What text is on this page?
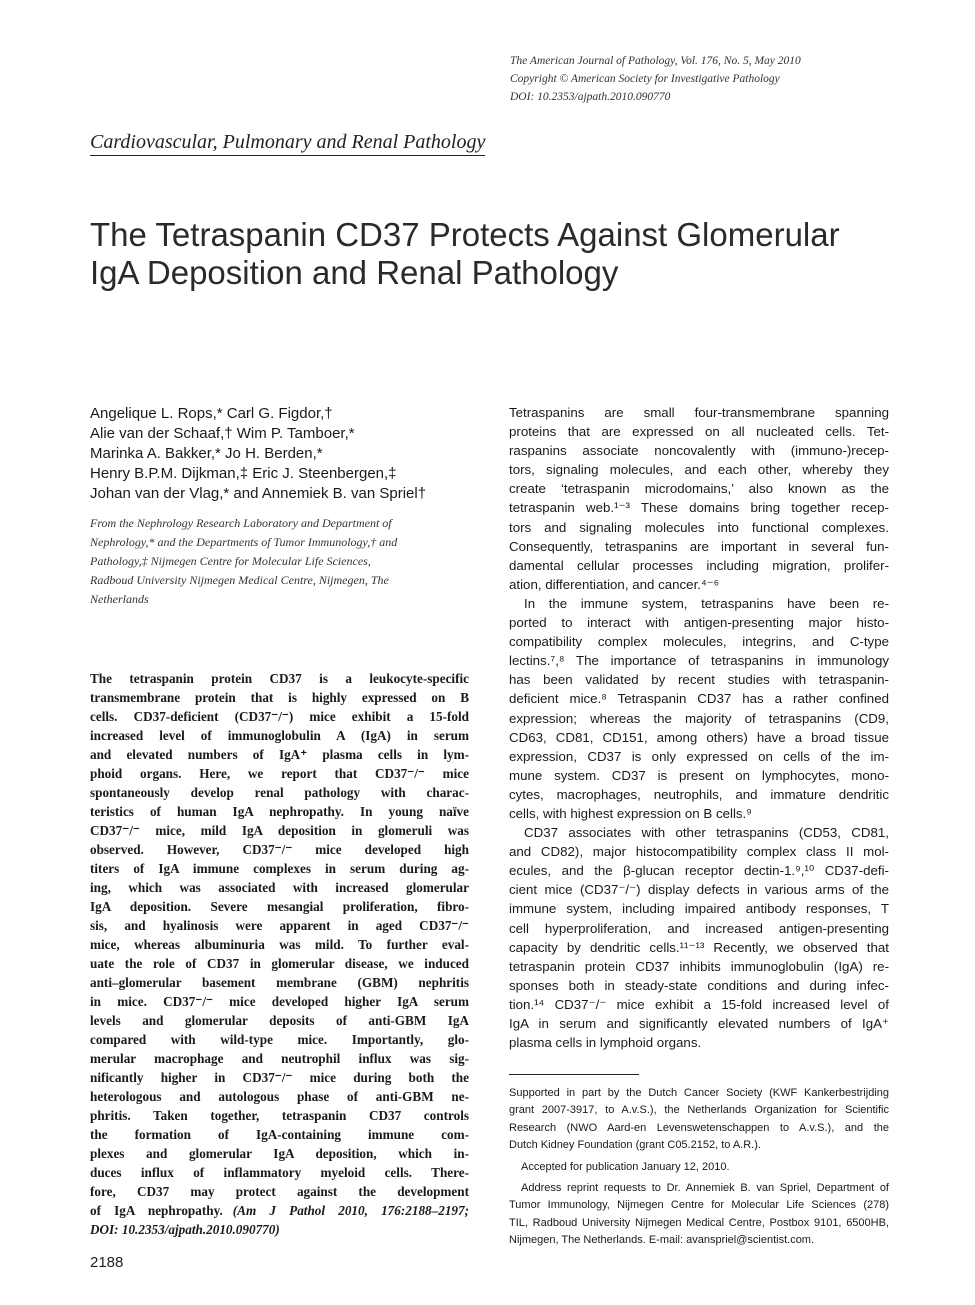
The American Journal of Pathology, Vol. 176, No. 5, May 2010
Copyright © American Society for Investigative Pathology
DOI: 10.2353/ajpath.2010.090770
Cardiovascular, Pulmonary and Renal Pathology
The Tetraspanin CD37 Protects Against Glomerular
IgA Deposition and Renal Pathology
Angelique L. Rops,* Carl G. Figdor,†
Alie van der Schaaf,† Wim P. Tamboer,*
Marinka A. Bakker,* Jo H. Berden,*
Henry B.P.M. Dijkman,‡ Eric J. Steenbergen,‡
Johan van der Vlag,* and Annemiek B. van Spriel†
From the Nephrology Research Laboratory and Department of
Nephrology,* and the Departments of Tumor Immunology,† and
Pathology,‡ Nijmegen Centre for Molecular Life Sciences,
Radboud University Nijmegen Medical Centre, Nijmegen, The
Netherlands
The tetraspanin protein CD37 is a leukocyte-specific
transmembrane protein that is highly expressed on B
cells. CD37-deficient (CD37⁻/⁻) mice exhibit a 15-fold
increased level of immunoglobulin A (IgA) in serum
and elevated numbers of IgA⁺ plasma cells in lym-
phoid organs. Here, we report that CD37⁻/⁻ mice
spontaneously develop renal pathology with charac-
teristics of human IgA nephropathy. In young naïve
CD37⁻/⁻ mice, mild IgA deposition in glomeruli was
observed. However, CD37⁻/⁻ mice developed high
titers of IgA immune complexes in serum during ag-
ing, which was associated with increased glomerular
IgA deposition. Severe mesangial proliferation, fibro-
sis, and hyalinosis were apparent in aged CD37⁻/⁻
mice, whereas albuminuria was mild. To further eval-
uate the role of CD37 in glomerular disease, we induced
anti–glomerular basement membrane (GBM) nephritis
in mice. CD37⁻/⁻ mice developed higher IgA serum
levels and glomerular deposits of anti-GBM IgA
compared with wild-type mice. Importantly, glo-
merular macrophage and neutrophil influx was sig-
nificantly higher in CD37⁻/⁻ mice during both the
heterologous and autologous phase of anti-GBM ne-
phritis. Taken together, tetraspanin CD37 controls
the formation of IgA-containing immune com-
plexes and glomerular IgA deposition, which in-
duces influx of inflammatory myeloid cells. There-
fore, CD37 may protect against the development
of IgA nephropathy. (Am J Pathol 2010, 176:2188–2197;
DOI: 10.2353/ajpath.2010.090770)
Tetraspanins are small four-transmembrane spanning
proteins that are expressed on all nucleated cells. Tet-
raspanins associate noncovalently with (immuno-)recep-
tors, signaling molecules, and each other, whereby they
create ‘tetraspanin microdomains,’ also known as the
tetraspanin web.¹⁻³ These domains bring together recep-
tors and signaling molecules into functional complexes.
Consequently, tetraspanins are important in several fun-
damental cellular processes including migration, prolifer-
ation, differentiation, and cancer.⁴⁻⁶
In the immune system, tetraspanins have been re-
ported to interact with antigen-presenting major histo-
compatibility complex molecules, integrins, and C-type
lectins.⁷,⁸ The importance of tetraspanins in immunology
has been validated by recent studies with tetraspanin-
deficient mice.⁸ Tetraspanin CD37 has a rather confined
expression; whereas the majority of tetraspanins (CD9,
CD63, CD81, CD151, among others) have a broad tissue
expression, CD37 is only expressed on cells of the im-
mune system. CD37 is present on lymphocytes, mono-
cytes, macrophages, neutrophils, and immature dendritic
cells, with highest expression on B cells.⁹
CD37 associates with other tetraspanins (CD53, CD81,
and CD82), major histocompatibility complex class II mol-
ecules, and the β-glucan receptor dectin-1.⁹,¹⁰ CD37-defi-
cient mice (CD37⁻/⁻) display defects in various arms of the
immune system, including impaired antibody responses, T
cell hyperproliferation, and increased antigen-presenting
capacity by dendritic cells.¹¹⁻¹³ Recently, we observed that
tetraspanin protein CD37 inhibits immunoglobulin (IgA) re-
sponses both in steady-state conditions and during infec-
tion.¹⁴ CD37⁻/⁻ mice exhibit a 15-fold increased level of
IgA in serum and significantly elevated numbers of IgA⁺
plasma cells in lymphoid organs.
Supported in part by the Dutch Cancer Society (KWF Kankerbestrijding
grant 2007-3917, to A.v.S.), the Netherlands Organization for Scientific
Research (NWO Aard-en Levenswetenschappen to A.v.S.), and the
Dutch Kidney Foundation (grant C05.2152, to A.R.).
Accepted for publication January 12, 2010.
Address reprint requests to Dr. Annemiek B. van Spriel, Department of
Tumor Immunology, Nijmegen Centre for Molecular Life Sciences (278)
TIL, Radboud University Nijmegen Medical Centre, Postbox 9101, 6500HB,
Nijmegen, The Netherlands. E-mail: avanspriel@scientist.com.
2188
